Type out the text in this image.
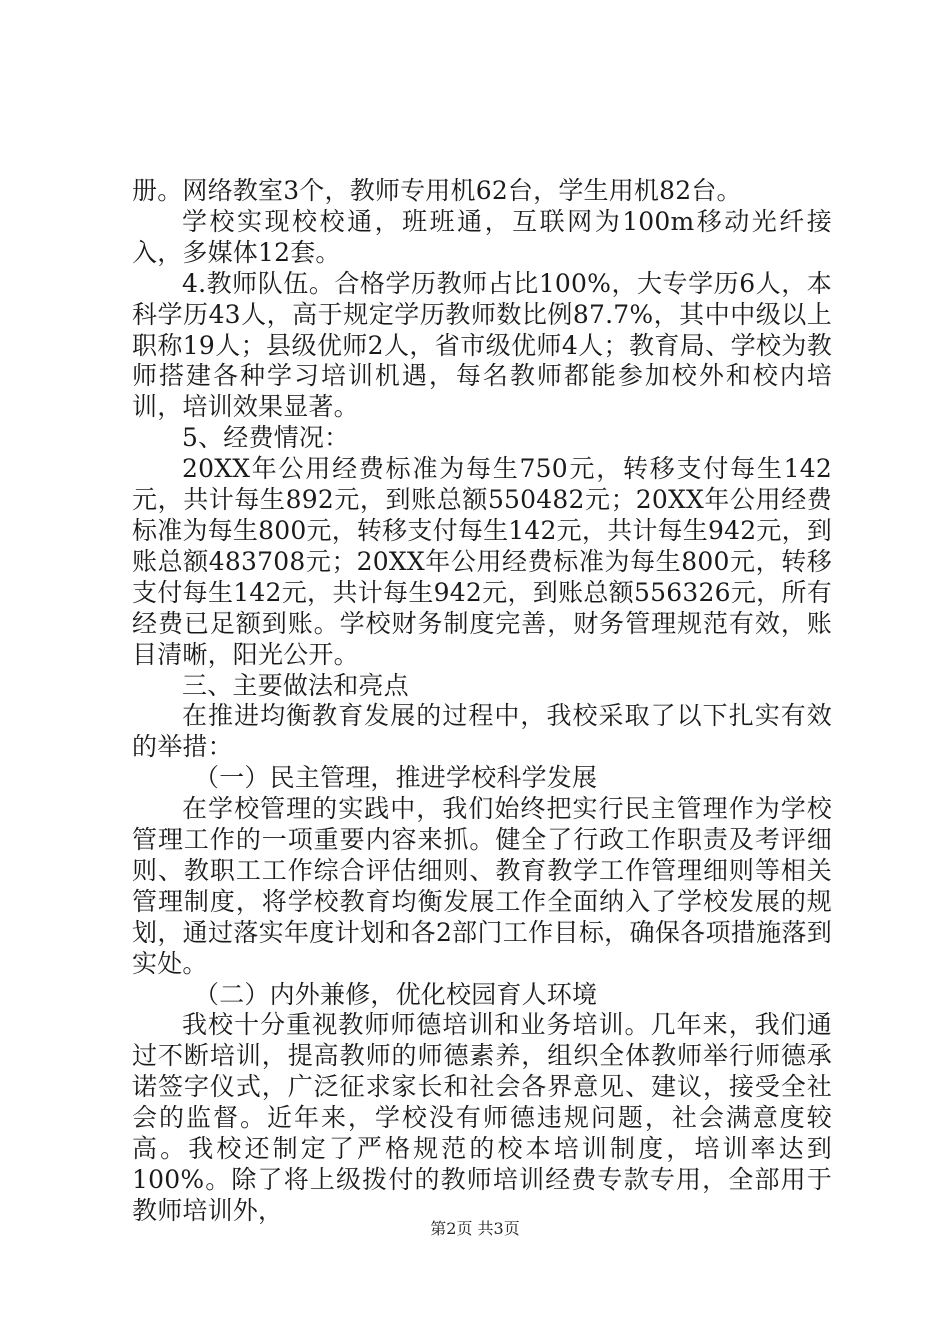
册。网络教室3个，教师专用机62台，学生用机82台。

学校实现校校通，班班通，互联网为100m移动光纤接入，多媒体12套。

4.教师队伍。合格学历教师占比100%，大专学历6人，本科学历43人，高于规定学历教师数比例87.7%，其中中级以上职称19人；县级优师2人，省市级优师4人；教育局、学校为教师搭建各种学习培训机遇，每名教师都能参加校外和校内培训，培训效果显著。

5、经费情况：

20XX年公用经费标准为每生750元，转移支付每生142元，共计每生892元，到账总额550482元；20XX年公用经费标准为每生800元，转移支付每生142元，共计每生942元，到账总额483708元；20XX年公用经费标准为每生800元，转移支付每生142元，共计每生942元，到账总额556326元，所有经费已足额到账。学校财务制度完善，财务管理规范有效，账目清晰，阳光公开。

三、主要做法和亮点

在推进均衡教育发展的过程中，我校采取了以下扎实有效的举措：

（一）民主管理，推进学校科学发展

在学校管理的实践中，我们始终把实行民主管理作为学校管理工作的一项重要内容来抓。健全了行政工作职责及考评细则、教职工工作综合评估细则、教育教学工作管理细则等相关管理制度，将学校教育均衡发展工作全面纳入了学校发展的规划，通过落实年度计划和各2部门工作目标，确保各项措施落到实处。

（二）内外兼修，优化校园育人环境

我校十分重视教师师德培训和业务培训。几年来，我们通过不断培训，提高教师的师德素养，组织全体教师举行师德承诺签字仪式，广泛征求家长和社会各界意见、建议，接受全社会的监督。近年来，学校没有师德违规问题，社会满意度较高。我校还制定了严格规范的校本培训制度，培训率达到100%。除了将上级拨付的教师培训经费专款专用，全部用于教师培训外，

第2页 共3页
